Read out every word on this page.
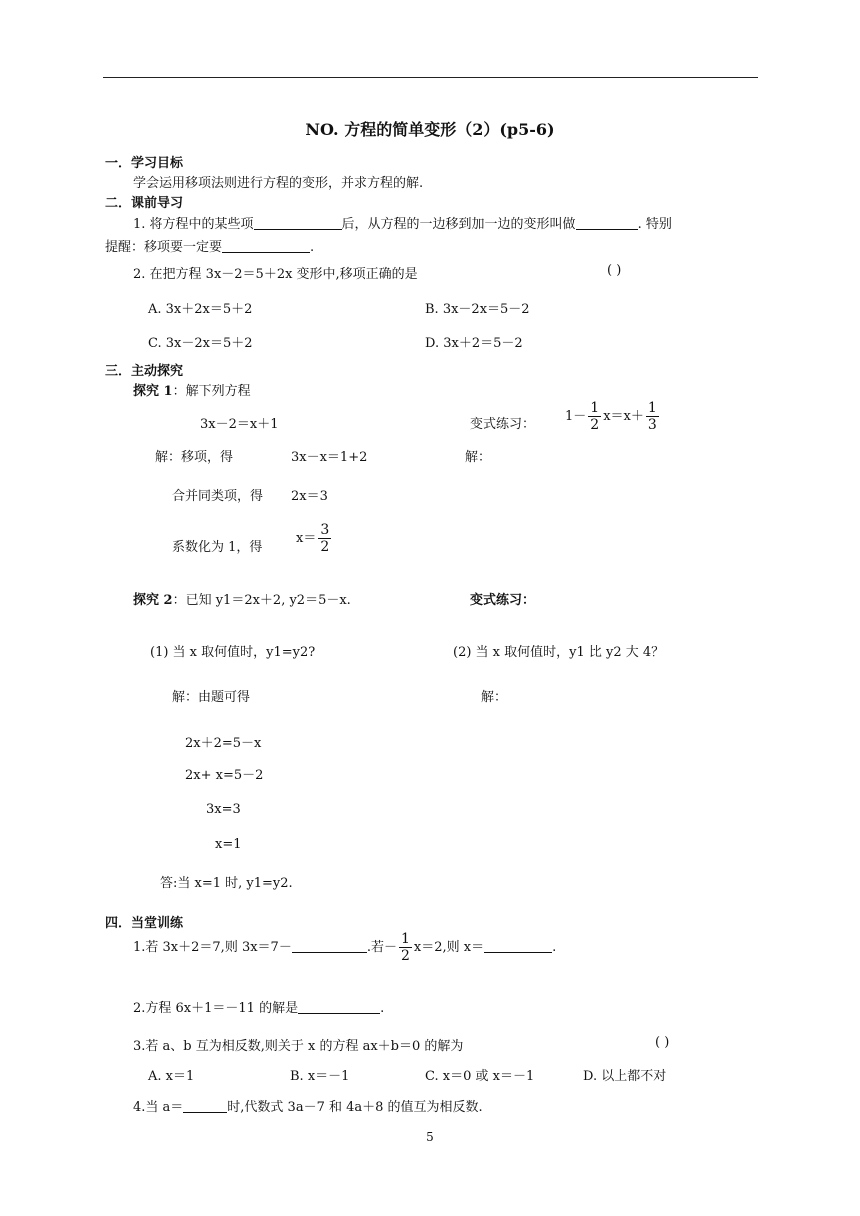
NO. 方程的简单变形（2）(p5-6)
一．学习目标
学会运用移项法则进行方程的变形，并求方程的解.
二．课前导习
1. 将方程中的某些项	后，从方程的一边移到加一边的变形叫做	. 特别
提醒：移项要一定要	.
2. 在把方程 3x－2＝5＋2x 变形中,移项正确的是	( )
A. 3x＋2x＝5＋2	B. 3x－2x＝5－2
C. 3x－2x＝5＋2	D. 3x＋2＝5－2
三．主动探究
探究 1：解下列方程
3x－2＝x＋1	变式练习：
$1- \frac{1}{2} x=x+ \frac{1}{3}$
解：移项，得	3x－x＝1+2	解：
合并同类项，得 2x＝3
系数化为 1，得
$x= \frac{3}{2}$
探究 2：已知 y1＝2x＋2, y2＝5－x.	变式练习：
(1) 当 x 取何值时，y1=y2?	(2) 当 x 取何值时，y1 比 y2 大 4？
解：由题可得	解：
2x＋2=5－x
2x+ x=5－2
3x=3
x=1
答:当 x=1 时, y1=y2.
四．当堂训练
1.若 3x＋2＝7,则 3x＝7－	.若－ $\frac{1}{2} x=2$,则 x＝	.
2.方程 6x＋1＝－11 的解是	.
3.若 a、b 互为相反数,则关于 x 的方程 ax＋b＝0 的解为	( )
A. x＝1	B. x＝－1	C. x＝0 或 x＝－1	D. 以上都不对
4.当 a＝	时,代数式 3a－7 和 4a＋8 的值互为相反数.
5
